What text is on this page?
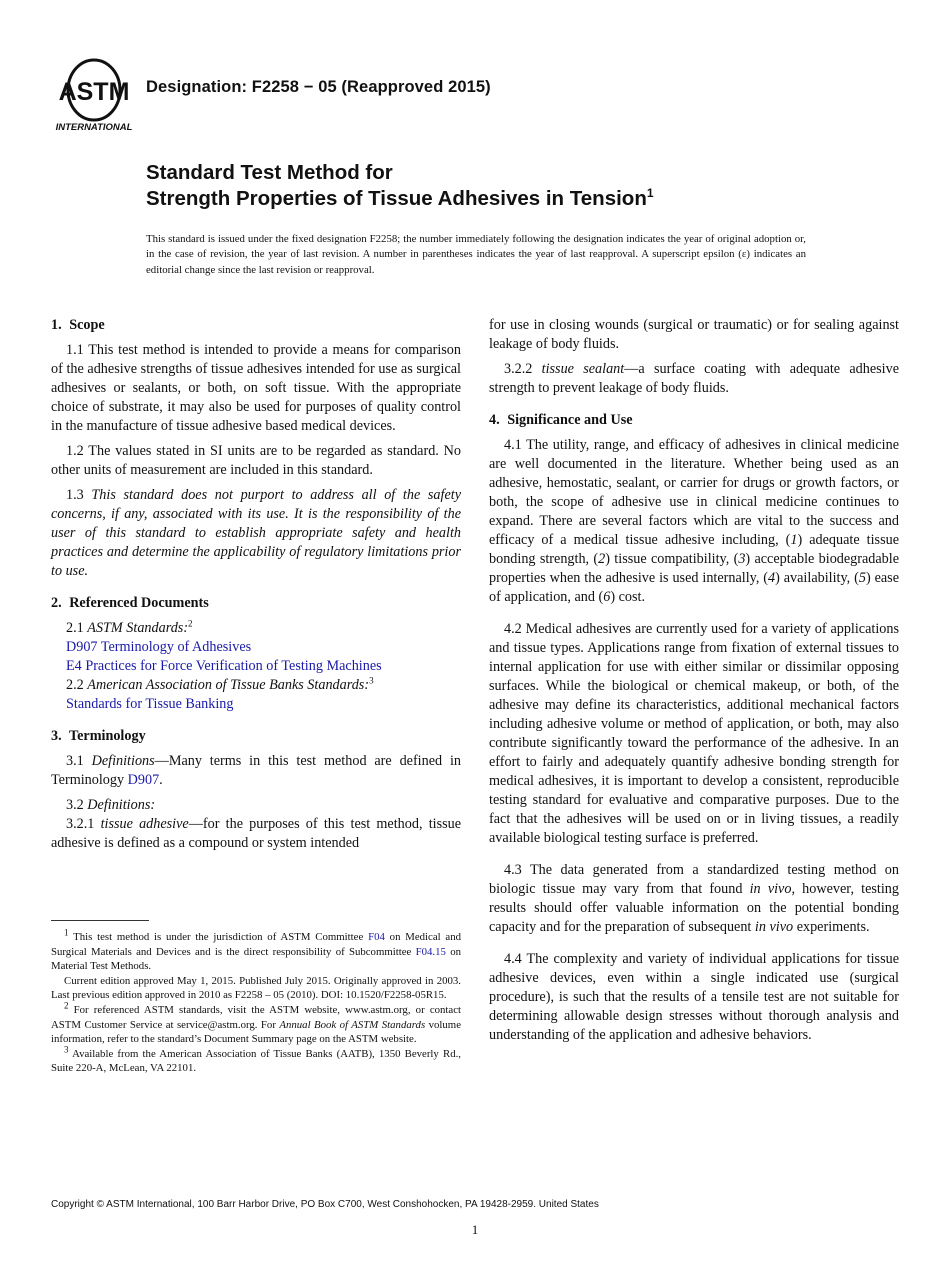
ASTM
INTERNATIONAL
Designation: F2258 − 05 (Reapproved 2015)
Standard Test Method for
Strength Properties of Tissue Adhesives in Tension$^1$
This standard is issued under the fixed designation F2258; the number immediately following the designation indicates the year of original adoption or, in the case of revision, the year of last revision. A number in parentheses indicates the year of last reapproval. A superscript epsilon (ε) indicates an editorial change since the last revision or reapproval.
1. Scope

1.1 This test method is intended to provide a means for comparison of the adhesive strengths of tissue adhesives intended for use as surgical adhesives or sealants, or both, on soft tissue. With the appropriate choice of substrate, it may also be used for purposes of quality control in the manufacture of tissue adhesive based medical devices.

1.2 The values stated in SI units are to be regarded as standard. No other units of measurement are included in this standard.

1.3 This standard does not purport to address all of the safety concerns, if any, associated with its use. It is the responsibility of the user of this standard to establish appropriate safety and health practices and determine the applicability of regulatory limitations prior to use.

2. Referenced Documents

2.1 ASTM Standards:$^2$

D907 Terminology of Adhesives

E4 Practices for Force Verification of Testing Machines

2.2 American Association of Tissue Banks Standards:$^3$

Standards for Tissue Banking

3. Terminology

3.1 Definitions—Many terms in this test method are defined in Terminology D907.

3.2 Definitions:

3.2.1 tissue adhesive—for the purposes of this test method, tissue adhesive is defined as a compound or system intended

$^1$ This test method is under the jurisdiction of ASTM Committee F04 on Medical and Surgical Materials and Devices and is the direct responsibility of Subcommittee F04.15 on Material Test Methods.

Current edition approved May 1, 2015. Published July 2015. Originally approved in 2003. Last previous edition approved in 2010 as F2258 – 05 (2010). DOI: 10.1520/F2258-05R15.

$^2$ For referenced ASTM standards, visit the ASTM website, www.astm.org, or contact ASTM Customer Service at service@astm.org. For Annual Book of ASTM Standards volume information, refer to the standard’s Document Summary page on the ASTM website.

$^3$ Available from the American Association of Tissue Banks (AATB), 1350 Beverly Rd., Suite 220-A, McLean, VA 22101.

for use in closing wounds (surgical or traumatic) or for sealing against leakage of body fluids.

3.2.2 tissue sealant—a surface coating with adequate adhesive strength to prevent leakage of body fluids.

4. Significance and Use

4.1 The utility, range, and efficacy of adhesives in clinical medicine are well documented in the literature. Whether being used as an adhesive, hemostatic, sealant, or carrier for drugs or growth factors, or both, the scope of adhesive use in clinical medicine continues to expand. There are several factors which are vital to the success and efficacy of a medical tissue adhesive including, (1) adequate tissue bonding strength, (2) tissue compatibility, (3) acceptable biodegradable properties when the adhesive is used internally, (4) availability, (5) ease of application, and (6) cost.

4.2 Medical adhesives are currently used for a variety of applications and tissue types. Applications range from fixation of external tissues to internal application for use with either similar or dissimilar opposing surfaces. While the biological or chemical makeup, or both, of the adhesive may define its characteristics, additional mechanical factors including adhesive volume or method of application, or both, may also contribute significantly toward the performance of the adhesive. In an effort to fairly and adequately quantify adhesive bonding strength for medical adhesives, it is important to develop a consistent, reproducible testing standard for evaluative and comparative purposes. Due to the fact that the adhesives will be used on or in living tissues, a readily available biological testing surface is preferred.

4.3 The data generated from a standardized testing method on biologic tissue may vary from that found in vivo, however, testing results should offer valuable information on the potential bonding capacity and for the preparation of subsequent in vivo experiments.

4.4 The complexity and variety of individual applications for tissue adhesive devices, even within a single indicated use (surgical procedure), is such that the results of a tensile test are not suitable for determining allowable design stresses without thorough analysis and understanding of the application and adhesive behaviors.

Copyright © ASTM International, 100 Barr Harbor Drive, PO Box C700, West Conshohocken, PA 19428-2959. United States
1
